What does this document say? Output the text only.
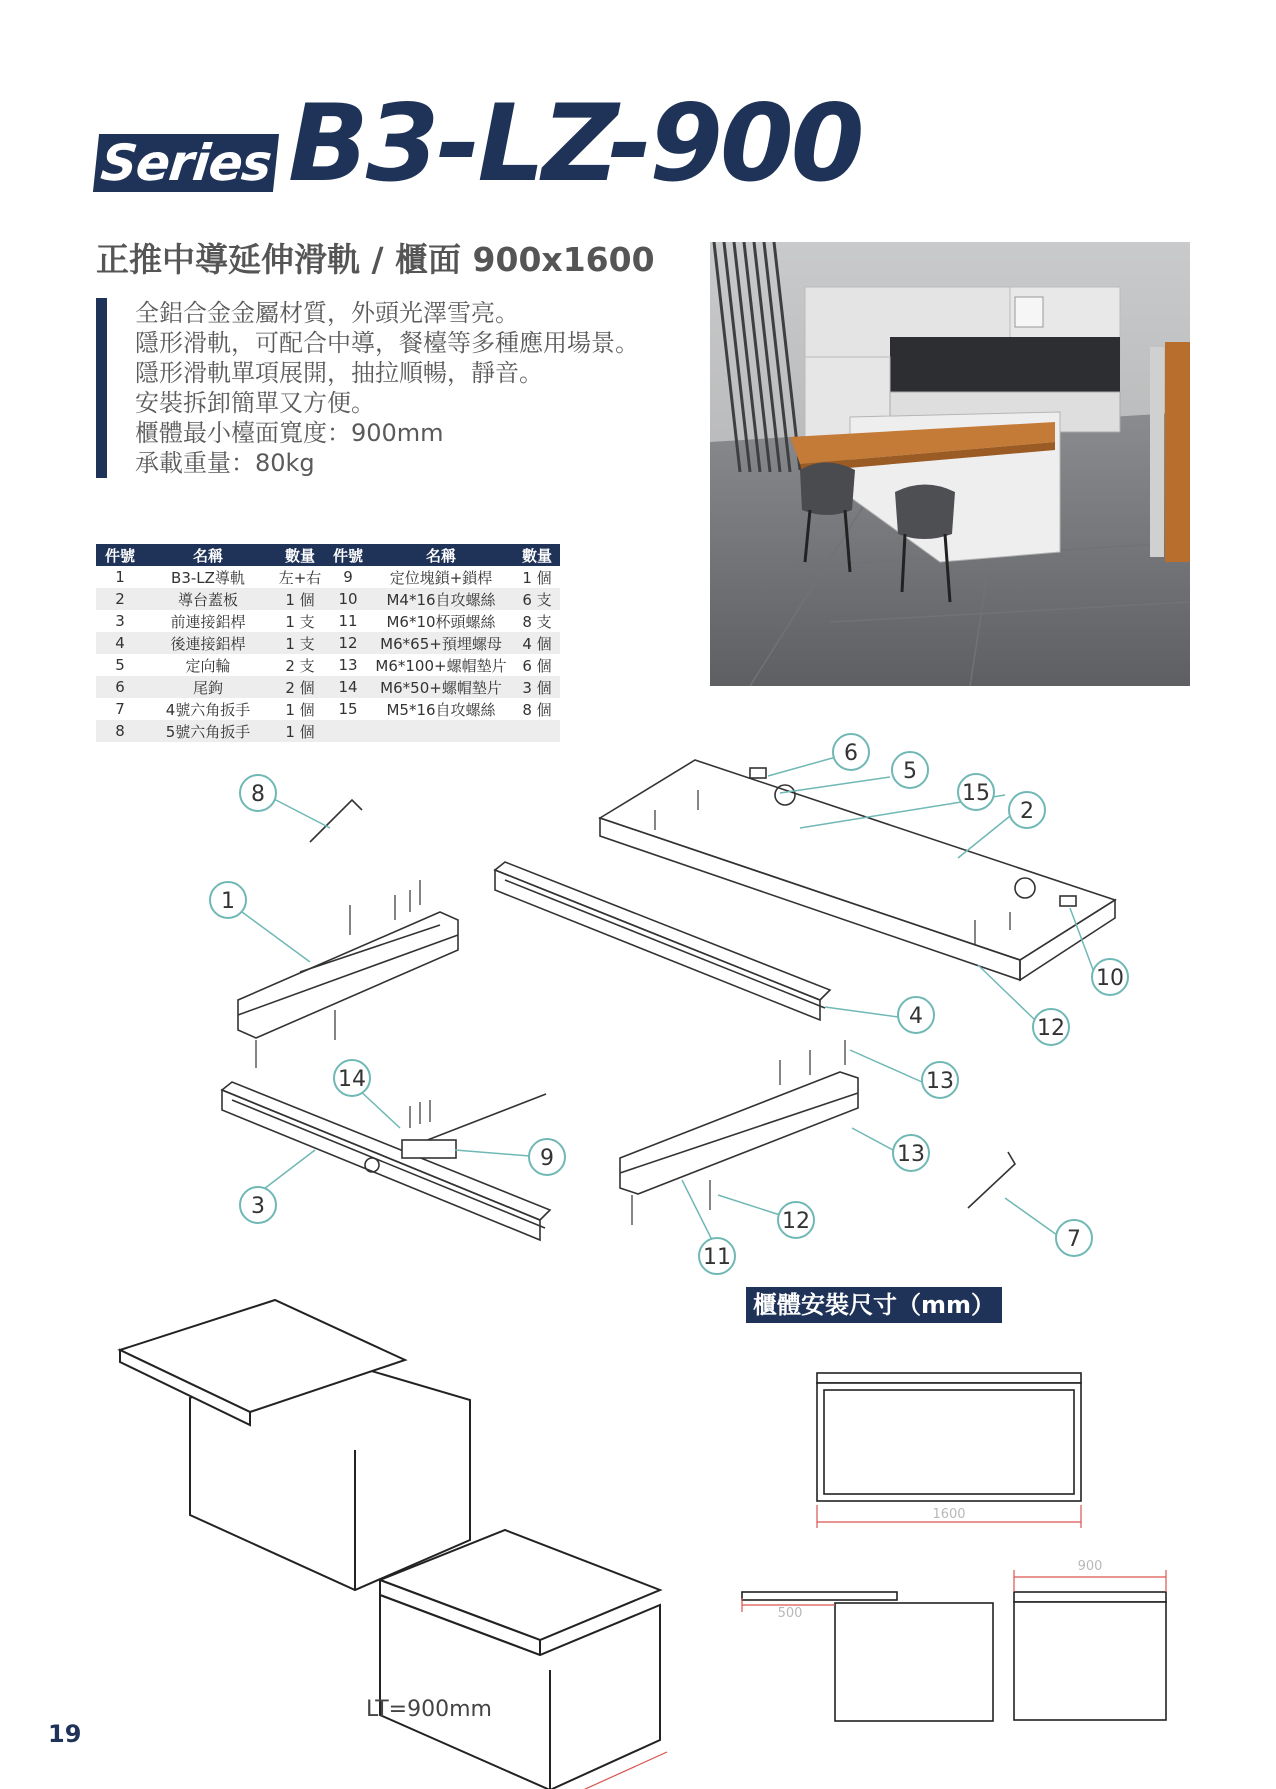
Series B3-LZ-900
正推中導延伸滑軌 / 櫃面 900x1600
全鋁合金金屬材質，外頭光澤雪亮。
隱形滑軌，可配合中導，餐檯等多種應用場景。
隱形滑軌單項展開，抽拉順暢，靜音。
安裝拆卸簡單又方便。
櫃體最小檯面寬度：900mm
承載重量：80kg
件號	名稱	數量	件號	名稱	數量
1	B3-LZ導軌	左+右	9	定位塊鎖+鎖桿	1 個
2	導台蓋板	1 個	10	M4*16自攻螺絲	6 支
3	前連接鋁桿	1 支	11	M6*10杯頭螺絲	8 支
4	後連接鋁桿	1 支	12	M6*65+預埋螺母	4 個
5	定向輪	2 支	13	M6*100+螺帽墊片	6 個
6	尾鉤	2 個	14	M6*50+螺帽墊片	3 個
7	4號六角扳手	1 個	15	M5*16自攻螺絲	8 個
8	5號六角扳手	1 個			
1
2
3
4
5
6
7
8
9
10
11
12
12
13
13
14
15
1600
500
900
櫃體安裝尺寸（mm）
LT=900mm
19
